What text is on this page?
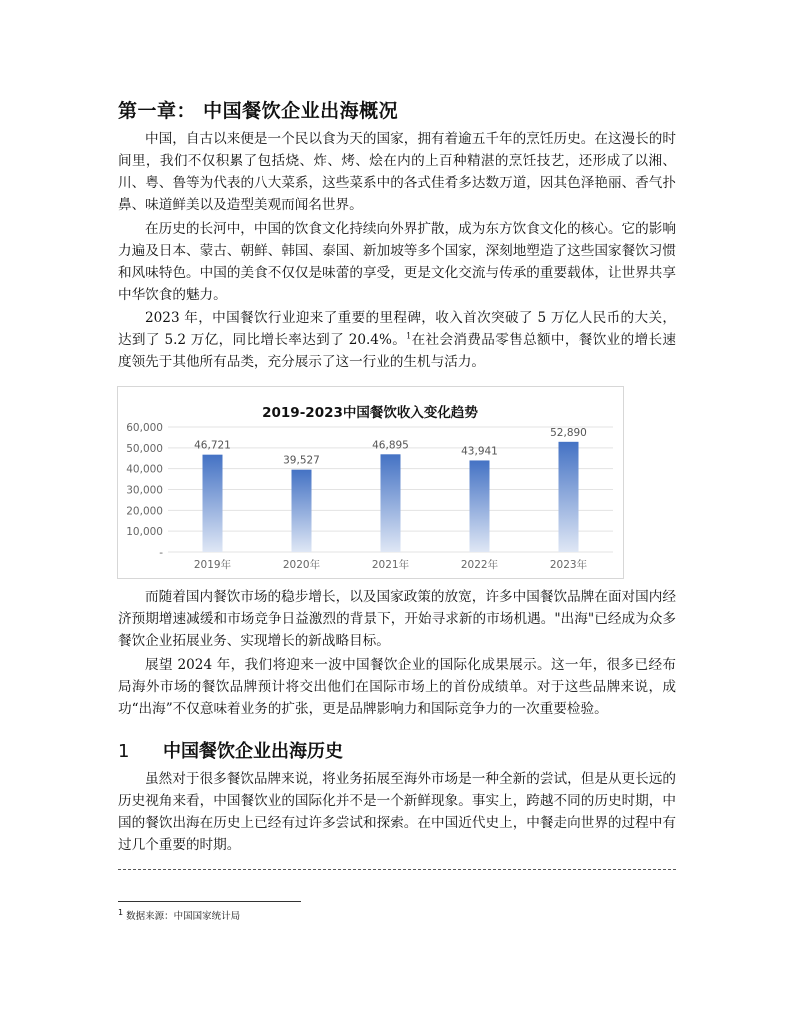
第一章： 中国餐饮企业出海概况

中国，自古以来便是一个民以食为天的国家，拥有着逾五千年的烹饪历史。在这漫长的时间里，我们不仅积累了包括烧、炸、烤、烩在内的上百种精湛的烹饪技艺，还形成了以湘、川、粤、鲁等为代表的八大菜系，这些菜系中的各式佳肴多达数万道，因其色泽艳丽、香气扑鼻、味道鲜美以及造型美观而闻名世界。

在历史的长河中，中国的饮食文化持续向外界扩散，成为东方饮食文化的核心。它的影响力遍及日本、蒙古、朝鲜、韩国、泰国、新加坡等多个国家，深刻地塑造了这些国家餐饮习惯和风味特色。中国的美食不仅仅是味蕾的享受，更是文化交流与传承的重要载体，让世界共享中华饮食的魅力。

2023 年，中国餐饮行业迎来了重要的里程碑，收入首次突破了 5 万亿人民币的大关，达到了 5.2 万亿，同比增长率达到了 20.4%。$^1$在社会消费品零售总额中，餐饮业的增长速度领先于其他所有品类，充分展示了这一行业的生机与活力。

2019-2023中国餐饮收入变化趋势
-
10,000
20,000
30,000
40,000
50,000
60,000
46,721
2019年
39,527
2020年
46,895
2021年
43,941
2022年
52,890
2023年

而随着国内餐饮市场的稳步增长，以及国家政策的放宽，许多中国餐饮品牌在面对国内经济预期增速减缓和市场竞争日益激烈的背景下，开始寻求新的市场机遇。"出海"已经成为众多餐饮企业拓展业务、实现增长的新战略目标。

展望 2024 年，我们将迎来一波中国餐饮企业的国际化成果展示。这一年，很多已经布局海外市场的餐饮品牌预计将交出他们在国际市场上的首份成绩单。对于这些品牌来说，成功“出海”不仅意味着业务的扩张，更是品牌影响力和国际竞争力的一次重要检验。

1 中国餐饮企业出海历史

虽然对于很多餐饮品牌来说，将业务拓展至海外市场是一种全新的尝试，但是从更长远的历史视角来看，中国餐饮业的国际化并不是一个新鲜现象。事实上，跨越不同的历史时期，中国的餐饮出海在历史上已经有过许多尝试和探索。在中国近代史上，中餐走向世界的过程中有过几个重要的时期。

$^1$ 数据来源：中国国家统计局
